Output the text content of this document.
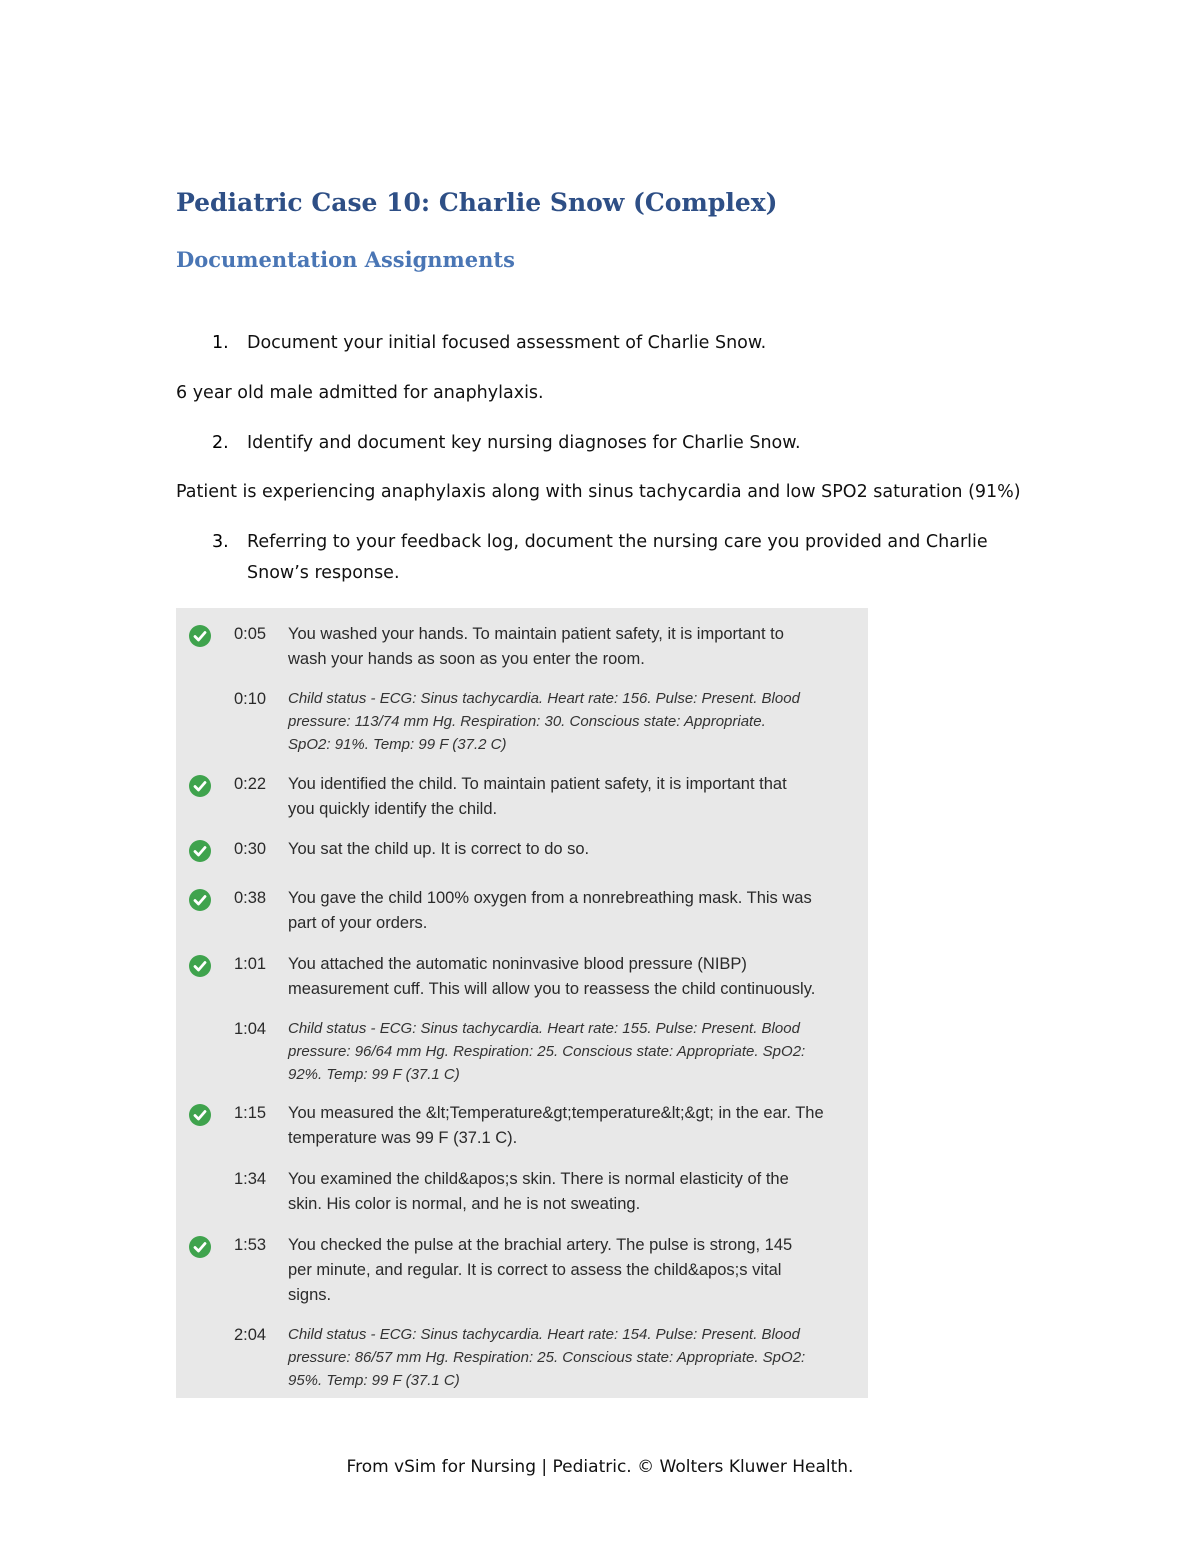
Pediatric Case 10: Charlie Snow (Complex)
Documentation Assignments
1. Document your initial focused assessment of Charlie Snow.
6 year old male admitted for anaphylaxis.
2. Identify and document key nursing diagnoses for Charlie Snow.
Patient is experiencing anaphylaxis along with sinus tachycardia and low SPO2 saturation (91%)
3. Referring to your feedback log, document the nursing care you provided and Charlie
Snow’s response.
0:05 You washed your hands. To maintain patient safety, it is important to
wash your hands as soon as you enter the room.
0:10 Child status - ECG: Sinus tachycardia. Heart rate: 156. Pulse: Present. Blood
pressure: 113/74 mm Hg. Respiration: 30. Conscious state: Appropriate.
SpO2: 91%. Temp: 99 F (37.2 C)
0:22 You identified the child. To maintain patient safety, it is important that
you quickly identify the child.
0:30 You sat the child up. It is correct to do so.
0:38 You gave the child 100% oxygen from a nonrebreathing mask. This was
part of your orders.
1:01 You attached the automatic noninvasive blood pressure (NIBP)
measurement cuff. This will allow you to reassess the child continuously.
1:04 Child status - ECG: Sinus tachycardia. Heart rate: 155. Pulse: Present. Blood
pressure: 96/64 mm Hg. Respiration: 25. Conscious state: Appropriate. SpO2:
92%. Temp: 99 F (37.1 C)
1:15 You measured the &lt;Temperature&gt;temperature&lt;&gt; in the ear. The
temperature was 99 F (37.1 C).
1:34 You examined the child&apos;s skin. There is normal elasticity of the
skin. His color is normal, and he is not sweating.
1:53 You checked the pulse at the brachial artery. The pulse is strong, 145
per minute, and regular. It is correct to assess the child&apos;s vital
signs.
2:04 Child status - ECG: Sinus tachycardia. Heart rate: 154. Pulse: Present. Blood
pressure: 86/57 mm Hg. Respiration: 25. Conscious state: Appropriate. SpO2:
95%. Temp: 99 F (37.1 C)
From vSim for Nursing | Pediatric. © Wolters Kluwer Health.
